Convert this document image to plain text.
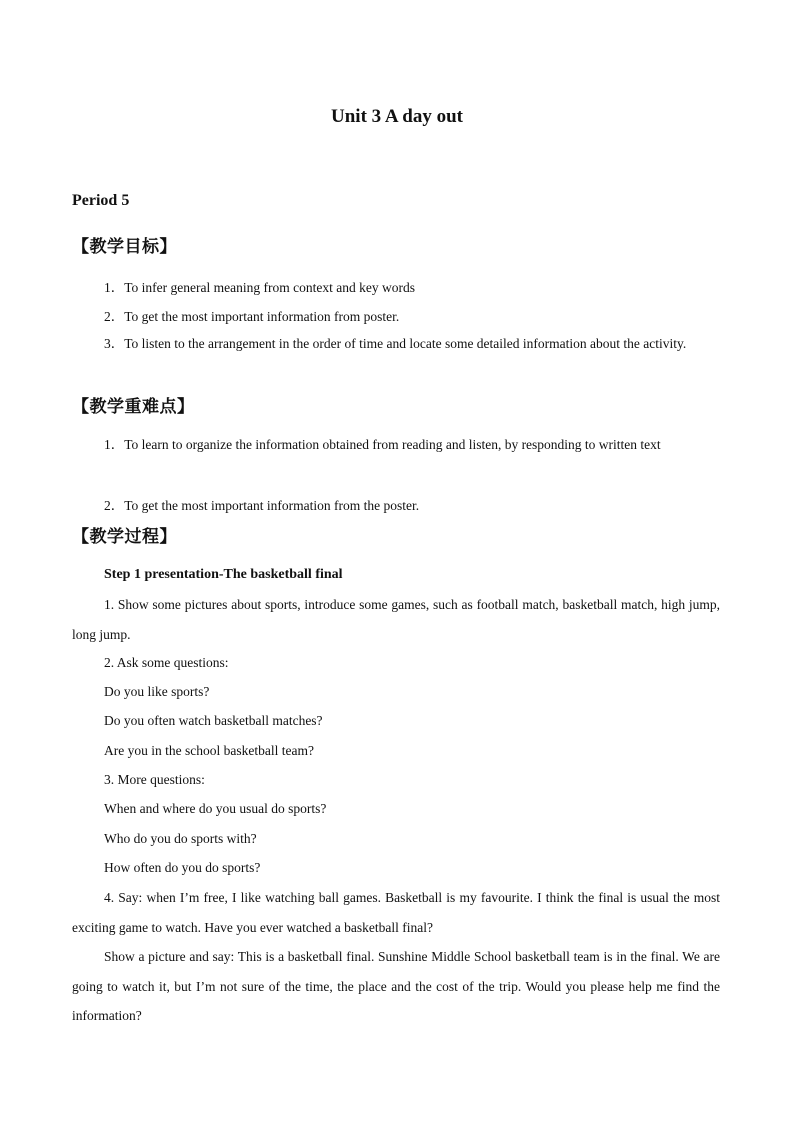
Unit 3 A day out
Period 5
【教学目标】
1．To infer general meaning from context and key words
2．To get the most important information from poster.
3．To listen to the arrangement in the order of time and locate some detailed information about the activity.
【教学重难点】
1．To learn to organize the information obtained from reading and listen, by responding to written text
2．To get the most important information from the poster.
【教学过程】
Step 1 presentation-The basketball final
1. Show some pictures about sports, introduce some games, such as football match, basketball match, high jump, long jump.
2. Ask some questions:
Do you like sports?
Do you often watch basketball matches?
Are you in the school basketball team?
3. More questions:
When and where do you usual do sports?
Who do you do sports with?
How often do you do sports?
4. Say: when I’m free, I like watching ball games. Basketball is my favourite. I think the final is usual the most exciting game to watch. Have you ever watched a basketball final?
Show a picture and say: This is a basketball final. Sunshine Middle School basketball team is in the final. We are going to watch it, but I’m not sure of the time, the place and the cost of the trip. Would you please help me find the information?
